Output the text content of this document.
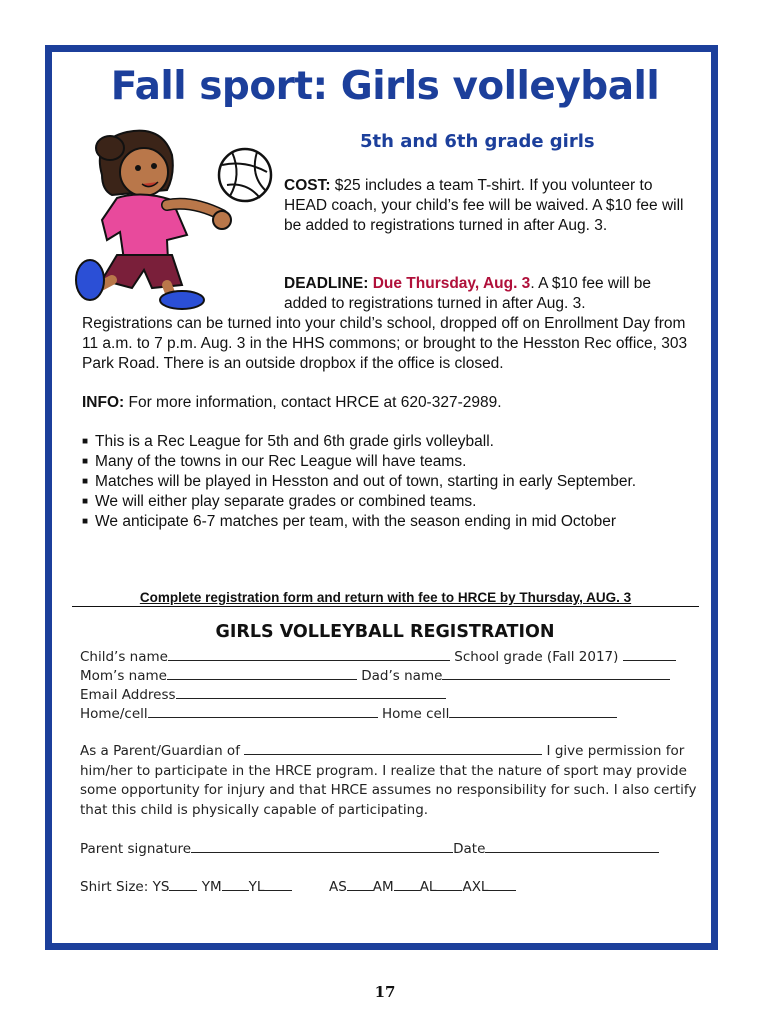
Fall sport: Girls volleyball
5th and 6th grade girls
COST: $25 includes a team T-shirt. If you volunteer to HEAD coach, your child’s fee will be waived. A $10 fee will be added to registrations turned in after Aug. 3.
DEADLINE: Due Thursday, Aug. 3. A $10 fee will be added to registrations turned in after Aug. 3.
Registrations can be turned into your child’s school, dropped off on Enrollment Day from 11 a.m. to 7 p.m. Aug. 3 in the HHS commons; or brought to the Hesston Rec office, 303 Park Road. There is an outside dropbox if the office is closed.
INFO: For more information, contact HRCE at 620-327-2989.
■ This is a Rec League for 5th and 6th grade girls volleyball.
■ Many of the towns in our Rec League will have teams.
■ Matches will be played in Hesston and out of town, starting in early September.
■ We will either play separate grades or combined teams.
■ We anticipate 6-7 matches per team, with the season ending in mid October
Complete registration form and return with fee to HRCE by Thursday, AUG. 3
GIRLS VOLLEYBALL REGISTRATION
Child’s name	School grade (Fall 2017)
Mom’s name	Dad’s name
Email Address
Home/cell	Home cell
As a Parent/Guardian of	I give permission for him/her to participate in the HRCE program. I realize that the nature of sport may provide some opportunity for injury and that HRCE assumes no responsibility for such. I also certify that this child is physically capable of participating.
Parent signature	Date
Shirt Size: YS YM YL	AS AM AL AXL
17
